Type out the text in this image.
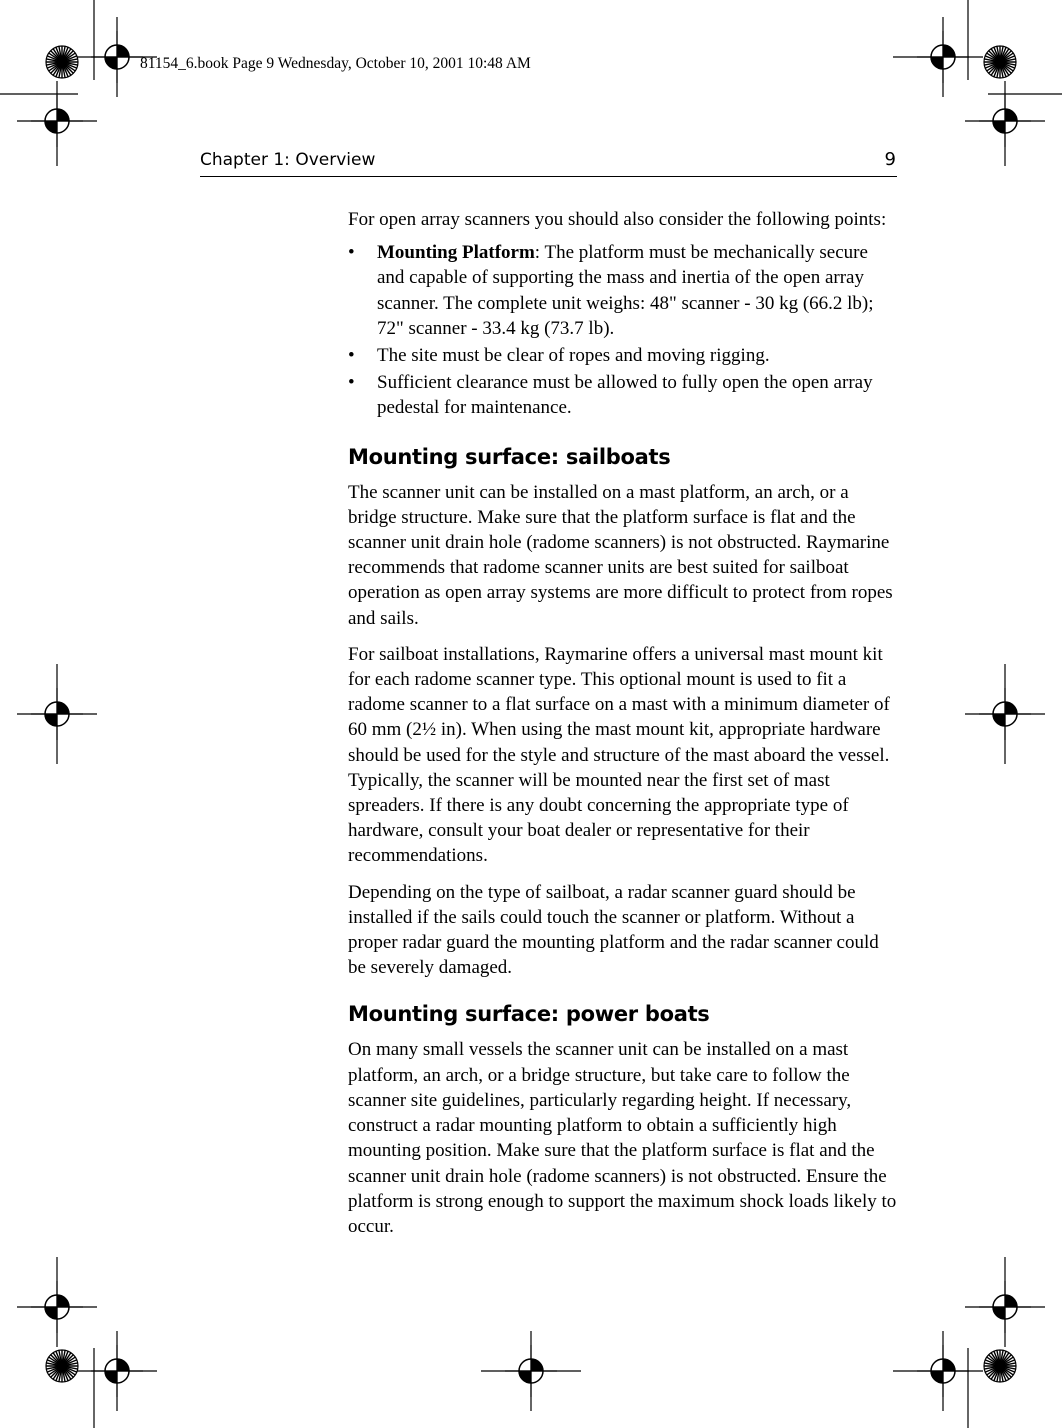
81154_6.book Page 9 Wednesday, October 10, 2001 10:48 AM
Chapter 1: Overview	9

For open array scanners you should also consider the following points:

• Mounting Platform: The platform must be mechanically secure and capable of supporting the mass and inertia of the open array scanner. The complete unit weighs: 48" scanner - 30 kg (66.2 lb); 72" scanner - 33.4 kg (73.7 lb).
• The site must be clear of ropes and moving rigging.
• Sufficient clearance must be allowed to fully open the open array pedestal for maintenance.
Mounting surface: sailboats

The scanner unit can be installed on a mast platform, an arch, or a bridge structure. Make sure that the platform surface is flat and the scanner unit drain hole (radome scanners) is not obstructed. Raymarine recommends that radome scanner units are best suited for sailboat operation as open array systems are more difficult to protect from ropes and sails.

For sailboat installations, Raymarine offers a universal mast mount kit for each radome scanner type. This optional mount is used to fit a radome scanner to a flat surface on a mast with a minimum diameter of 60 mm (2½ in). When using the mast mount kit, appropriate hardware should be used for the style and structure of the mast aboard the vessel. Typically, the scanner will be mounted near the first set of mast spreaders. If there is any doubt concerning the appropriate type of hardware, consult your boat dealer or representative for their recommendations.

Depending on the type of sailboat, a radar scanner guard should be installed if the sails could touch the scanner or platform. Without a proper radar guard the mounting platform and the radar scanner could be severely damaged.

Mounting surface: power boats

On many small vessels the scanner unit can be installed on a mast platform, an arch, or a bridge structure, but take care to follow the scanner site guidelines, particularly regarding height. If necessary, construct a radar mounting platform to obtain a sufficiently high mounting position. Make sure that the platform surface is flat and the scanner unit drain hole (radome scanners) is not obstructed. Ensure the platform is strong enough to support the maximum shock loads likely to occur.
